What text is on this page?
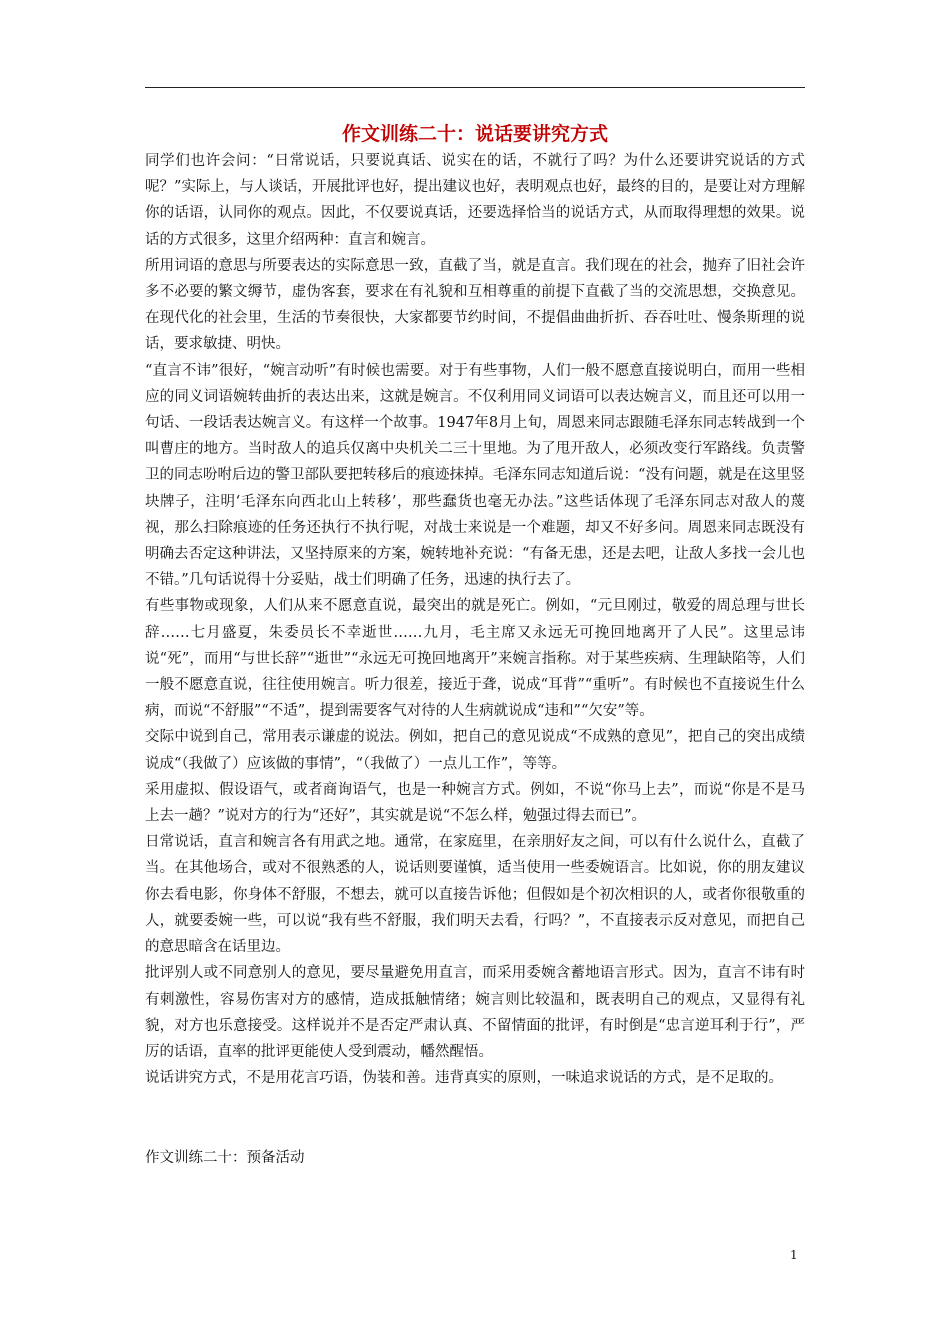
作文训练二十：说话要讲究方式

同学们也许会问：“日常说话，只要说真话、说实在的话，不就行了吗？为什么还要讲究说话的方式呢？”实际上，与人谈话，开展批评也好，提出建议也好，表明观点也好，最终的目的，是要让对方理解你的话语，认同你的观点。因此，不仅要说真话，还要选择恰当的说话方式，从而取得理想的效果。说话的方式很多，这里介绍两种：直言和婉言。

所用词语的意思与所要表达的实际意思一致，直截了当，就是直言。我们现在的社会，抛弃了旧社会许多不必要的繁文缛节，虚伪客套，要求在有礼貌和互相尊重的前提下直截了当的交流思想，交换意见。在现代化的社会里，生活的节奏很快，大家都要节约时间，不提倡曲曲折折、吞吞吐吐、慢条斯理的说话，要求敏捷、明快。

“直言不讳”很好，“婉言动听”有时候也需要。对于有些事物，人们一般不愿意直接说明白，而用一些相应的同义词语婉转曲折的表达出来，这就是婉言。不仅利用同义词语可以表达婉言义，而且还可以用一句话、一段话表达婉言义。有这样一个故事。1947年8月上旬，周恩来同志跟随毛泽东同志转战到一个叫曹庄的地方。当时敌人的追兵仅离中央机关二三十里地。为了甩开敌人，必须改变行军路线。负责警卫的同志吩咐后边的警卫部队要把转移后的痕迹抹掉。毛泽东同志知道后说：“没有问题，就是在这里竖块牌子，注明‘毛泽东向西北山上转移’，那些蠢货也毫无办法。”这些话体现了毛泽东同志对敌人的蔑视，那么扫除痕迹的任务还执行不执行呢，对战士来说是一个难题，却又不好多问。周恩来同志既没有明确去否定这种讲法，又坚持原来的方案，婉转地补充说：“有备无患，还是去吧，让敌人多找一会儿也不错。”几句话说得十分妥贴，战士们明确了任务，迅速的执行去了。

有些事物或现象，人们从来不愿意直说，最突出的就是死亡。例如，“元旦刚过，敬爱的周总理与世长辞……七月盛夏，朱委员长不幸逝世……九月，毛主席又永远无可挽回地离开了人民”。这里忌讳说“死”，而用“与世长辞”“逝世”“永远无可挽回地离开”来婉言指称。对于某些疾病、生理缺陷等，人们一般不愿意直说，往往使用婉言。听力很差，接近于聋，说成“耳背”“重听”。有时候也不直接说生什么病，而说“不舒服”“不适”，提到需要客气对待的人生病就说成“违和”“欠安”等。

交际中说到自己，常用表示谦虚的说法。例如，把自己的意见说成“不成熟的意见”，把自己的突出成绩说成“（我做了）应该做的事情”，“（我做了）一点儿工作”，等等。

采用虚拟、假设语气，或者商询语气，也是一种婉言方式。例如，不说“你马上去”，而说“你是不是马上去一趟？”说对方的行为“还好”，其实就是说“不怎么样，勉强过得去而已”。

日常说话，直言和婉言各有用武之地。通常，在家庭里，在亲朋好友之间，可以有什么说什么，直截了当。在其他场合，或对不很熟悉的人，说话则要谨慎，适当使用一些委婉语言。比如说，你的朋友建议你去看电影，你身体不舒服，不想去，就可以直接告诉他；但假如是个初次相识的人，或者你很敬重的人，就要委婉一些，可以说“我有些不舒服，我们明天去看，行吗？”，不直接表示反对意见，而把自己的意思暗含在话里边。

批评别人或不同意别人的意见，要尽量避免用直言，而采用委婉含蓄地语言形式。因为，直言不讳有时有刺激性，容易伤害对方的感情，造成抵触情绪；婉言则比较温和，既表明自己的观点，又显得有礼貌，对方也乐意接受。这样说并不是否定严肃认真、不留情面的批评，有时倒是“忠言逆耳利于行”，严厉的话语，直率的批评更能使人受到震动，幡然醒悟。

说话讲究方式，不是用花言巧语，伪装和善。违背真实的原则，一味追求说话的方式，是不足取的。

作文训练二十：预备活动
1
